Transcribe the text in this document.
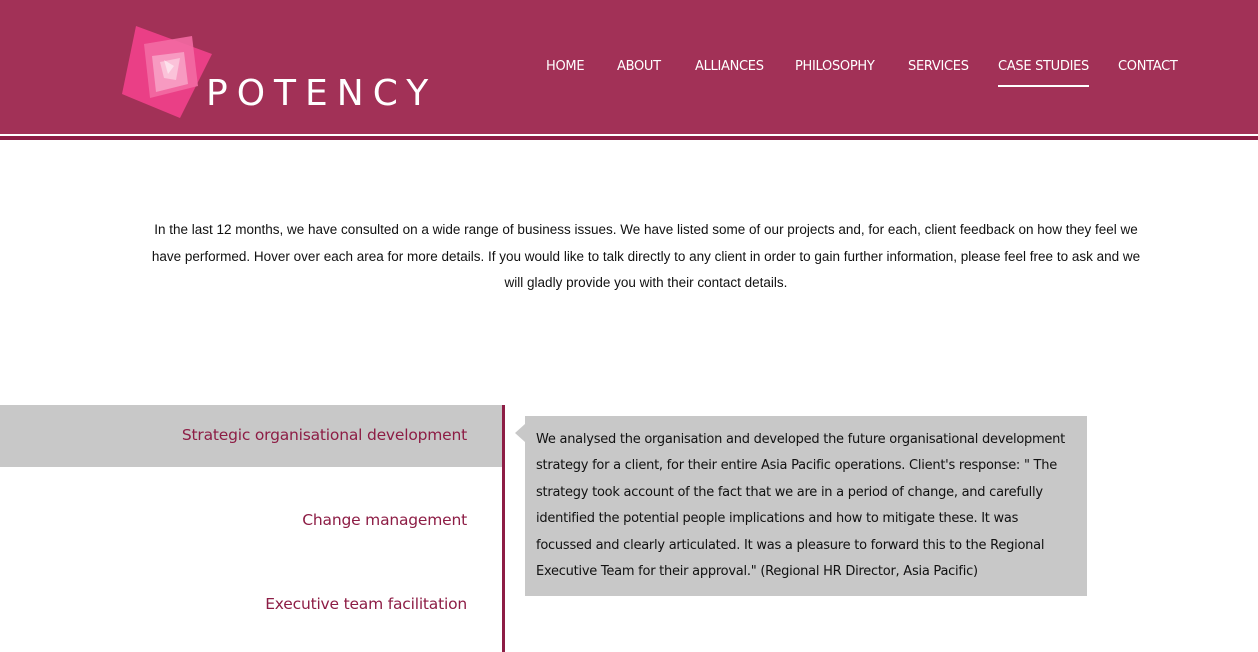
POTENCY
HOME	ABOUT	ALLIANCES PHILOSOPHY	SERVICES CASE STUDIES CONTACT

In the last 12 months, we have consulted on a wide range of business issues. We have listed some of our projects and, for each, client feedback on how they feel we have performed. Hover over each area for more details. If you would like to talk directly to any client in order to gain further information, please feel free to ask and we will gladly provide you with their contact details.

Strategic organisational development
Change management
Executive team facilitation
We analysed the organisation and developed the future organisational development strategy for a client, for their entire Asia Pacific operations. Client's response: " The strategy took account of the fact that we are in a period of change, and carefully identified the potential people implications and how to mitigate these. It was focussed and clearly articulated. It was a pleasure to forward this to the Regional Executive Team for their approval." (Regional HR Director, Asia Pacific)
